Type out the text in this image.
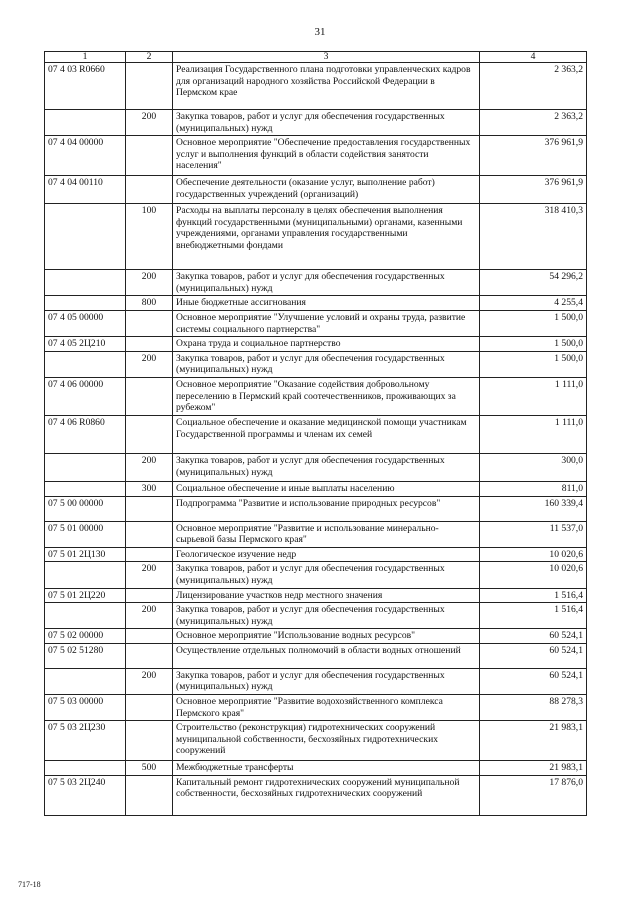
31
1	2	3	4
07 4 03 R0660		Реализация Государственного плана подготовки управленческих кадров для организаций народного хозяйства Российской Федерации в Пермском крае	2 363,2
	200	Закупка товаров, работ и услуг для обеспечения государственных (муниципальных) нужд	2 363,2
07 4 04 00000		Основное мероприятие "Обеспечение предоставления государственных услуг и выполнения функций в области содействия занятости населения"	376 961,9
07 4 04 00110		Обеспечение деятельности (оказание услуг, выполнение работ) государственных учреждений (организаций)	376 961,9
	100	Расходы на выплаты персоналу в целях обеспечения выполнения функций государственными (муниципальными) органами, казенными учреждениями, органами управления государственными внебюджетными фондами	318 410,3
	200	Закупка товаров, работ и услуг для обеспечения государственных (муниципальных) нужд	54 296,2
	800	Иные бюджетные ассигнования	4 255,4
07 4 05 00000		Основное мероприятие "Улучшение условий и охраны труда, развитие системы социального партнерства"	1 500,0
07 4 05 2Ц210		Охрана труда и социальное партнерство	1 500,0
	200	Закупка товаров, работ и услуг для обеспечения государственных (муниципальных) нужд	1 500,0
07 4 06 00000		Основное мероприятие "Оказание содействия добровольному переселению в Пермский край соотечественников, проживающих за рубежом"	1 111,0
07 4 06 R0860		Социальное обеспечение и оказание медицинской помощи участникам Государственной программы и членам их семей	1 111,0
	200	Закупка товаров, работ и услуг для обеспечения государственных (муниципальных) нужд	300,0
	300	Социальное обеспечение и иные выплаты населению	811,0
07 5 00 00000		Подпрограмма "Развитие и использование природных ресурсов"	160 339,4
07 5 01 00000		Основное мероприятие "Развитие и использование минерально-сырьевой базы Пермского края"	11 537,0
07 5 01 2Ц130		Геологическое изучение недр	10 020,6
	200	Закупка товаров, работ и услуг для обеспечения государственных (муниципальных) нужд	10 020,6
07 5 01 2Ц220		Лицензирование участков недр местного значения	1 516,4
	200	Закупка товаров, работ и услуг для обеспечения государственных (муниципальных) нужд	1 516,4
07 5 02 00000		Основное мероприятие "Использование водных ресурсов"	60 524,1
07 5 02 51280		Осуществление отдельных полномочий в области водных отношений	60 524,1
	200	Закупка товаров, работ и услуг для обеспечения государственных (муниципальных) нужд	60 524,1
07 5 03 00000		Основное мероприятие "Развитие водохозяйственного комплекса Пермского края"	88 278,3
07 5 03 2Ц230		Строительство (реконструкция) гидротехнических сооружений муниципальной собственности, бесхозяйных гидротехнических сооружений	21 983,1
	500	Межбюджетные трансферты	21 983,1
07 5 03 2Ц240		Капитальный ремонт гидротехнических сооружений муниципальной собственности, бесхозяйных гидротехнических сооружений	17 876,0
717-18
